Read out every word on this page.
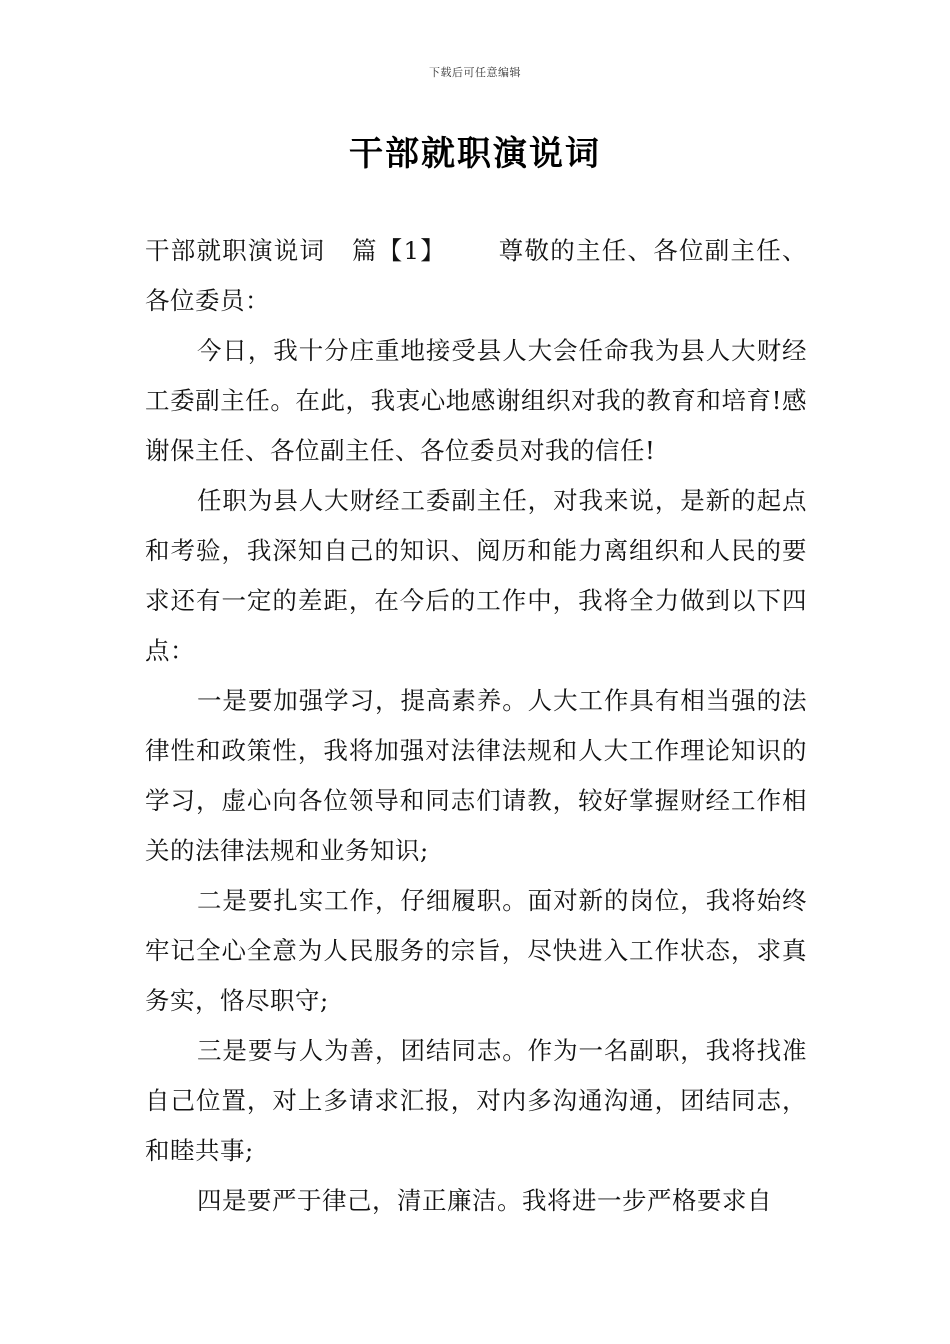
下载后可任意编辑
干部就职演说词

干部就职演说词 篇【1】 尊敬的主任、各位副主任、各位委员：

今日，我十分庄重地接受县人大会任命我为县人大财经工委副主任。在此，我衷心地感谢组织对我的教育和培育!感谢保主任、各位副主任、各位委员对我的信任!

任职为县人大财经工委副主任，对我来说，是新的起点和考验，我深知自己的知识、阅历和能力离组织和人民的要求还有一定的差距，在今后的工作中，我将全力做到以下四点：

一是要加强学习，提高素养。人大工作具有相当强的法律性和政策性，我将加强对法律法规和人大工作理论知识的学习，虚心向各位领导和同志们请教，较好掌握财经工作相关的法律法规和业务知识;

二是要扎实工作，仔细履职。面对新的岗位，我将始终牢记全心全意为人民服务的宗旨，尽快进入工作状态，求真务实，恪尽职守;

三是要与人为善，团结同志。作为一名副职，我将找准自己位置，对上多请求汇报，对内多沟通沟通，团结同志，和睦共事;

四是要严于律己，清正廉洁。我将进一步严格要求自
